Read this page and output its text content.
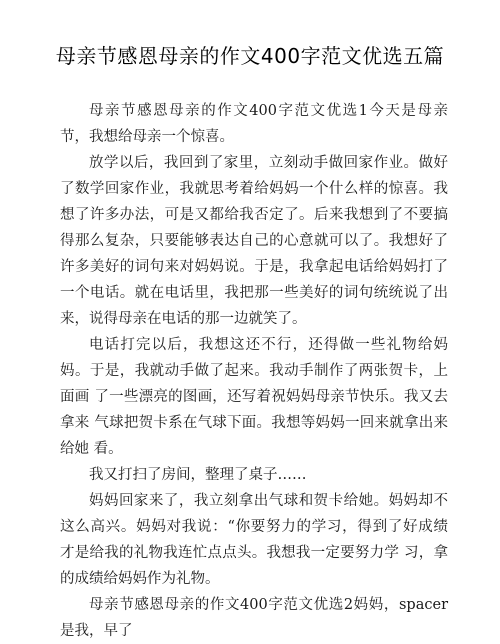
母亲节感恩母亲的作文400字范文优选五篇

母亲节感恩母亲的作文400字范文优选1今天是母亲 节，我想给母亲一个惊喜。

放学以后，我回到了家里，立刻动手做回家作业。做好 了数学回家作业，我就思考着给妈妈一个什么样的惊喜。我 想了许多办法，可是又都给我否定了。后来我想到了不要搞 得那么复杂，只要能够表达自己的心意就可以了。我想好了 许多美好的词句来对妈妈说。于是，我拿起电话给妈妈打了 一个电话。就在电话里，我把那一些美好的词句统统说了出 来，说得母亲在电话的那一边就笑了。

电话打完以后，我想这还不行，还得做一些礼物给妈妈。于是，我就动手做了起来。我动手制作了两张贺卡，上面画 了一些漂亮的图画，还写着祝妈妈母亲节快乐。我又去拿来 气球把贺卡系在气球下面。我想等妈妈一回来就拿出来给她 看。

我又打扫了房间，整理了桌子……

妈妈回家来了，我立刻拿出气球和贺卡给她。妈妈却不 这么高兴。妈妈对我说：“你要努力的学习，得到了好成绩 才是给我的礼物我连忙点点头。我想我一定要努力学 习，拿的成绩给妈妈作为礼物。

母亲节感恩母亲的作文400字范文优选2妈妈，spacer是我，早了
